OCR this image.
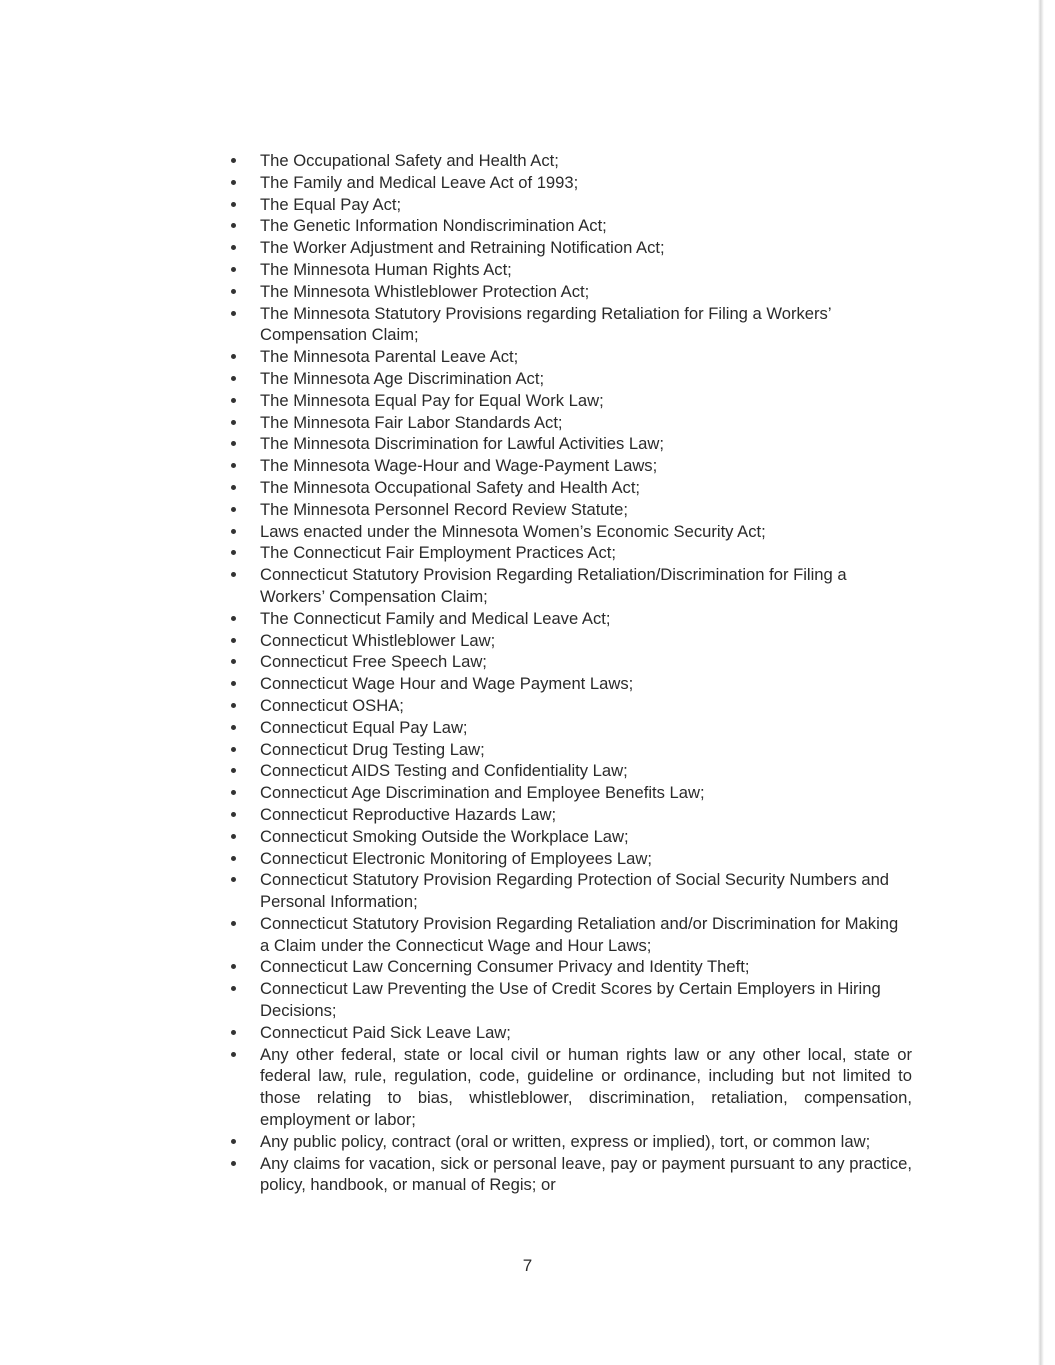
The Occupational Safety and Health Act;
The Family and Medical Leave Act of 1993;
The Equal Pay Act;
The Genetic Information Nondiscrimination Act;
The Worker Adjustment and Retraining Notification Act;
The Minnesota Human Rights Act;
The Minnesota Whistleblower Protection Act;
The Minnesota Statutory Provisions regarding Retaliation for Filing a Workers’ Compensation Claim;
The Minnesota Parental Leave Act;
The Minnesota Age Discrimination Act;
The Minnesota Equal Pay for Equal Work Law;
The Minnesota Fair Labor Standards Act;
The Minnesota Discrimination for Lawful Activities Law;
The Minnesota Wage-Hour and Wage-Payment Laws;
The Minnesota Occupational Safety and Health Act;
The Minnesota Personnel Record Review Statute;
Laws enacted under the Minnesota Women’s Economic Security Act;
The Connecticut Fair Employment Practices Act;
Connecticut Statutory Provision Regarding Retaliation/Discrimination for Filing a Workers’ Compensation Claim;
The Connecticut Family and Medical Leave Act;
Connecticut Whistleblower Law;
Connecticut Free Speech Law;
Connecticut Wage Hour and Wage Payment Laws;
Connecticut OSHA;
Connecticut Equal Pay Law;
Connecticut Drug Testing Law;
Connecticut AIDS Testing and Confidentiality Law;
Connecticut Age Discrimination and Employee Benefits Law;
Connecticut Reproductive Hazards Law;
Connecticut Smoking Outside the Workplace Law;
Connecticut Electronic Monitoring of Employees Law;
Connecticut Statutory Provision Regarding Protection of Social Security Numbers and Personal Information;
Connecticut Statutory Provision Regarding Retaliation and/or Discrimination for Making a Claim under the Connecticut Wage and Hour Laws;
Connecticut Law Concerning Consumer Privacy and Identity Theft;
Connecticut Law Preventing the Use of Credit Scores by Certain Employers in Hiring Decisions;
Connecticut Paid Sick Leave Law;
Any other federal, state or local civil or human rights law or any other local, state or federal law, rule, regulation, code, guideline or ordinance, including but not limited to those relating to bias, whistleblower, discrimination, retaliation, compensation, employment or labor;
Any public policy, contract (oral or written, express or implied), tort, or common law;
Any claims for vacation, sick or personal leave, pay or payment pursuant to any practice, policy, handbook, or manual of Regis; or
7
